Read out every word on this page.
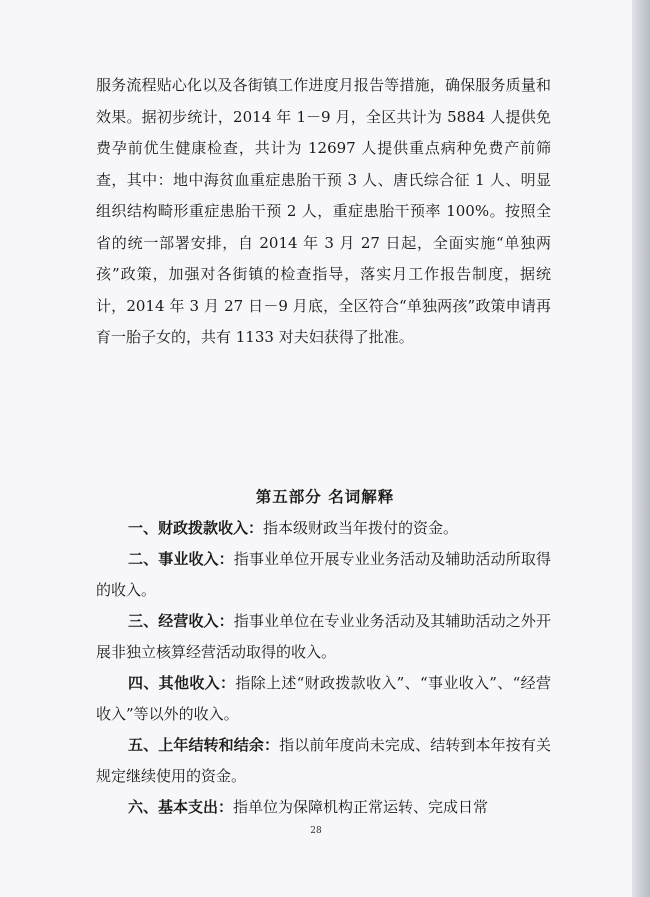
服务流程贴心化以及各街镇工作进度月报告等措施，确保服务质量和效果。据初步统计，2014 年 1－9 月，全区共计为 5884 人提供免费孕前优生健康检查，共计为 12697 人提供重点病种免费产前筛查，其中：地中海贫血重症患胎干预 3 人、唐氏综合征 1 人、明显组织结构畸形重症患胎干预 2 人，重症患胎干预率 100%。按照全省的统一部署安排，自 2014 年 3 月 27 日起，全面实施“单独两孩”政策，加强对各街镇的检查指导，落实月工作报告制度，据统计，2014 年 3 月 27 日－9 月底，全区符合“单独两孩”政策申请再育一胎子女的，共有 1133 对夫妇获得了批准。

第五部分 名词解释

一、财政拨款收入：指本级财政当年拨付的资金。

二、事业收入：指事业单位开展专业业务活动及辅助活动所取得的收入。

三、经营收入：指事业单位在专业业务活动及其辅助活动之外开展非独立核算经营活动取得的收入。

四、其他收入：指除上述“财政拨款收入”、“事业收入”、“经营收入”等以外的收入。

五、上年结转和结余：指以前年度尚未完成、结转到本年按有关规定继续使用的资金。

六、基本支出：指单位为保障机构正常运转、完成日常

28
